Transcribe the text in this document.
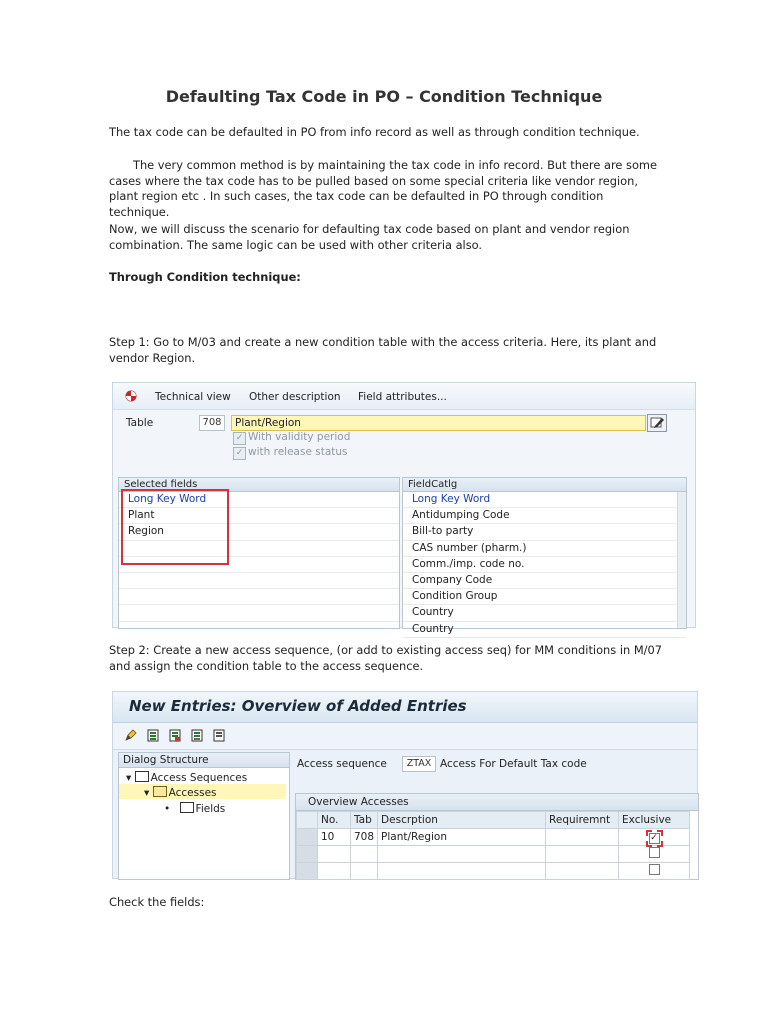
Defaulting Tax Code in PO – Condition Technique
The tax code can be defaulted in PO from info record as well as through condition technique.
The very common method is by maintaining the tax code in info record. But there are some cases where the tax code has to be pulled based on some special criteria like vendor region, plant region etc . In such cases, the tax code can be defaulted in PO through condition technique.
Now, we will discuss the scenario for defaulting tax code based on plant and vendor region combination. The same logic can be used with other criteria also.
Through Condition technique:
Step 1: Go to M/03 and create a new condition table with the access criteria. Here, its plant and vendor Region.
Technical view Other description Field attributes...
Table	708	Plant/Region
✓ With validity period
✓ with release status
Selected fields
Long Key Word
Plant
Region
FieldCatlg
Long Key Word
Antidumping Code
Bill-to party
CAS number (pharm.)
Comm./imp. code no.
Company Code
Condition Group
Country
Country
Step 2: Create a new access sequence, (or add to existing access seq) for MM conditions in M/07 and assign the condition table to the access sequence.
New Entries: Overview of Added Entries
Dialog Structure
▾ Access Sequences
▾ Accesses
• Fields
Access sequence	ZTAX Access For Default Tax code
Overview Accesses
	No.	Tab	Descrption	Requiremnt	Exclusive
	10	708	Plant/Region		✓

Check the fields:
